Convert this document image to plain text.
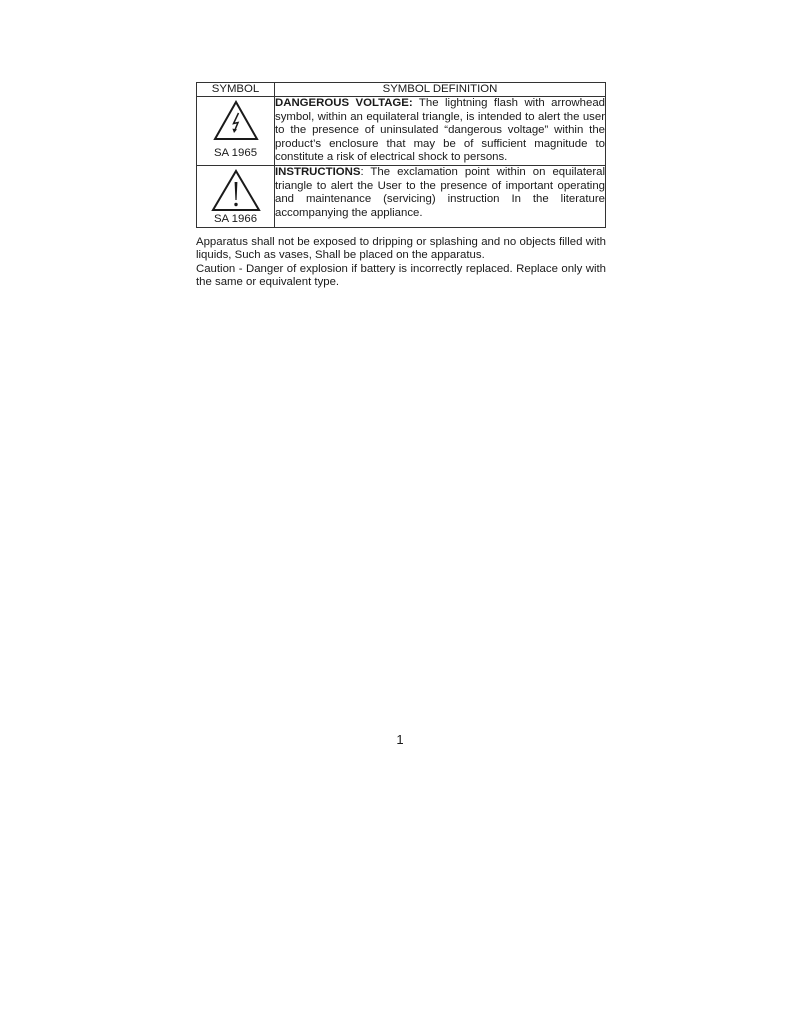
SYMBOL	SYMBOL DEFINITION

SA 1965	DANGEROUS VOLTAGE: The lightning flash with arrowhead symbol, within an equilateral triangle, is intended to alert the user to the presence of uninsulated “dangerous voltage” within the product’s enclosure that may be of sufficient magnitude to constitute a risk of electrical shock to persons.

SA 1966	INSTRUCTIONS: The exclamation point within on equilateral triangle to alert the User to the presence of important operating and maintenance (servicing) instruction In the literature accompanying the appliance.

Apparatus shall not be exposed to dripping or splashing and no objects filled with liquids, Such as vases, Shall be placed on the apparatus.

Caution - Danger of explosion if battery is incorrectly replaced. Replace only with the same or equivalent type.

1
